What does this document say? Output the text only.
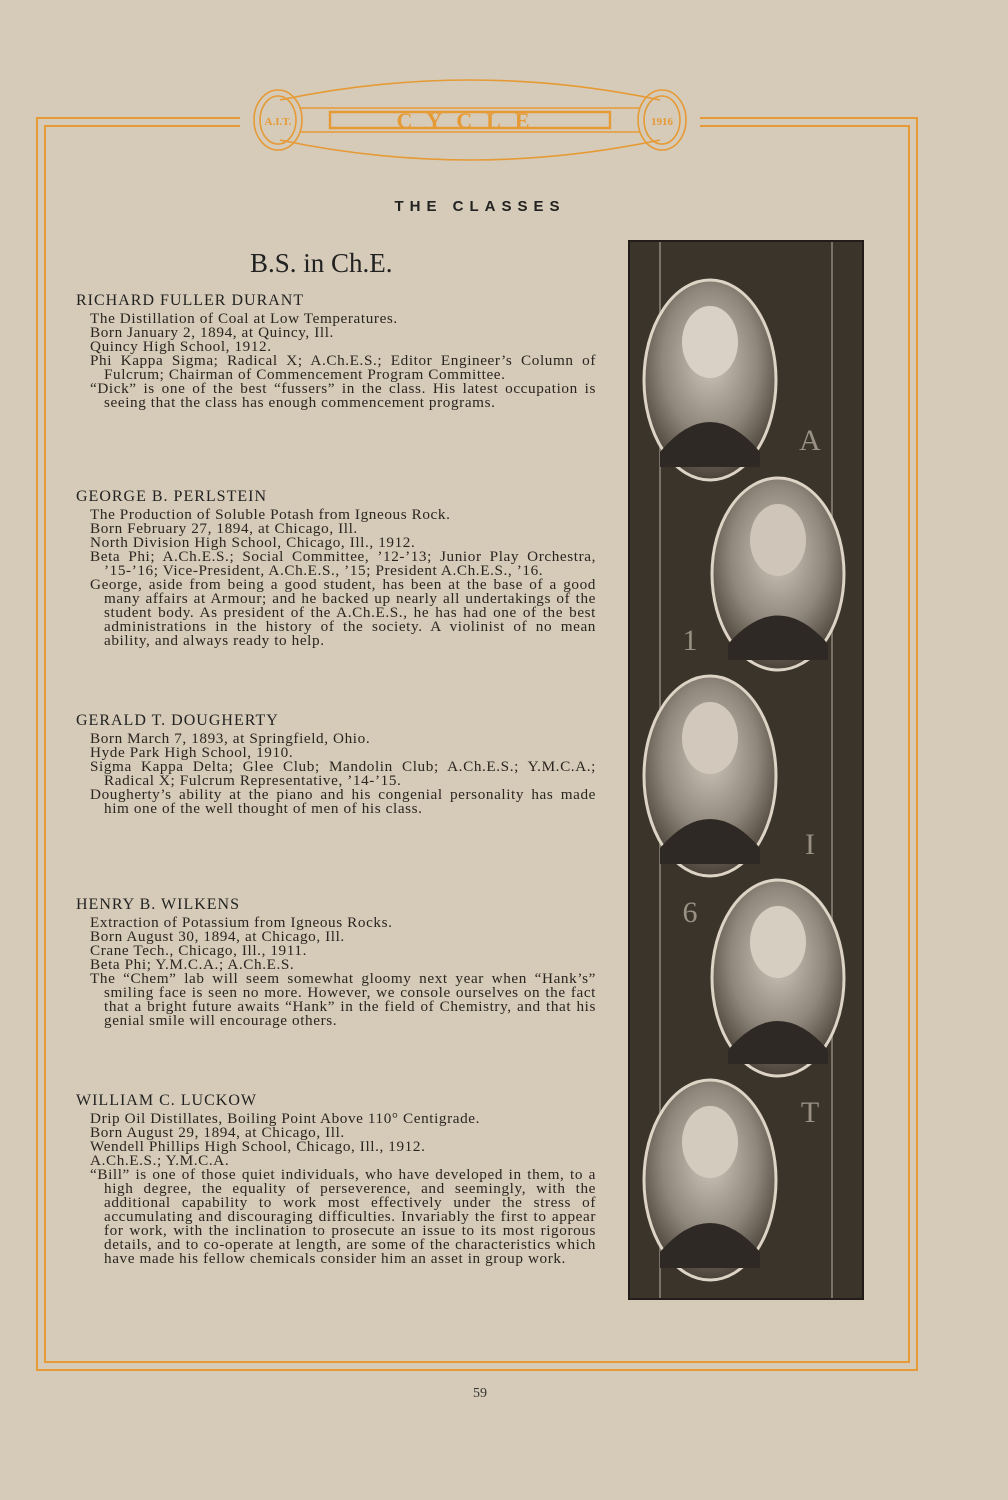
A.I.T.	CYCLE	1916
THE CLASSES
B.S. in Ch.E.
RICHARD FULLER DURANT
The Distillation of Coal at Low Temperatures.
Born January 2, 1894, at Quincy, Ill.
Quincy High School, 1912.
Phi Kappa Sigma; Radical X; A.Ch.E.S.; Editor Engineer’s Column of Fulcrum; Chairman of Commencement Program Committee.
“Dick” is one of the best “fussers” in the class. His latest occupation is seeing that the class has enough commencement programs.
GEORGE B. PERLSTEIN
The Production of Soluble Potash from Igneous Rock.
Born February 27, 1894, at Chicago, Ill.
North Division High School, Chicago, Ill., 1912.
Beta Phi; A.Ch.E.S.; Social Committee, ’12-’13; Junior Play Orchestra, ’15-’16; Vice-President, A.Ch.E.S., ’15; President A.Ch.E.S., ’16.
George, aside from being a good student, has been at the base of a good many affairs at Armour; and he backed up nearly all undertakings of the student body. As president of the A.Ch.E.S., he has had one of the best administrations in the history of the society. A violinist of no mean ability, and always ready to help.
GERALD T. DOUGHERTY
Born March 7, 1893, at Springfield, Ohio.
Hyde Park High School, 1910.
Sigma Kappa Delta; Glee Club; Mandolin Club; A.Ch.E.S.; Y.M.C.A.; Radical X; Fulcrum Representative, ’14-’15.
Dougherty’s ability at the piano and his congenial personality has made him one of the well thought of men of his class.
HENRY B. WILKENS
Extraction of Potassium from Igneous Rocks.
Born August 30, 1894, at Chicago, Ill.
Crane Tech., Chicago, Ill., 1911.
Beta Phi; Y.M.C.A.; A.Ch.E.S.
The “Chem” lab will seem somewhat gloomy next year when “Hank’s” smiling face is seen no more. However, we console ourselves on the fact that a bright future awaits “Hank” in the field of Chemistry, and that his genial smile will encourage others.
WILLIAM C. LUCKOW
Drip Oil Distillates, Boiling Point Above 110° Centigrade.
Born August 29, 1894, at Chicago, Ill.
Wendell Phillips High School, Chicago, Ill., 1912.
A.Ch.E.S.; Y.M.C.A.
“Bill” is one of those quiet individuals, who have developed in them, to a high degree, the equality of perseverence, and seemingly, with the additional capability to work most effectively under the stress of accumulating and discouraging difficulties. Invariably the first to appear for work, with the inclination to prosecute an issue to its most rigorous details, and to co-operate at length, are some of the characteristics which have made his fellow chemicals consider him an asset in group work.
A
1
I
6
T
59
